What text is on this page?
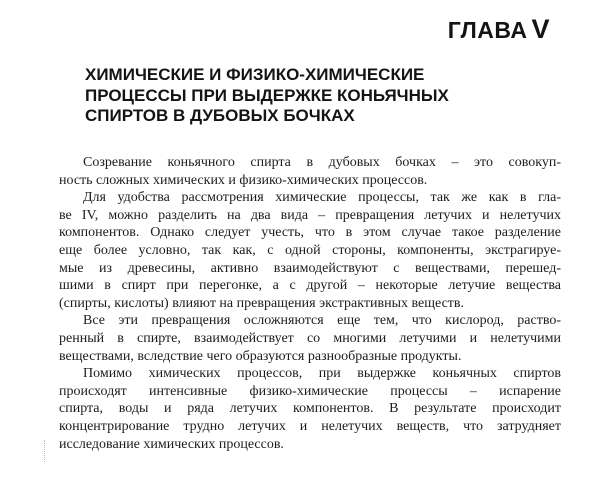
ГЛАВА V
ХИМИЧЕСКИЕ И ФИЗИКО-ХИМИЧЕСКИЕ
ПРОЦЕССЫ ПРИ ВЫДЕРЖКЕ КОНЬЯЧНЫХ
СПИРТОВ В ДУБОВЫХ БОЧКАХ
Созревание коньячного спирта в дубовых бочках – это совокуп-
ность сложных химических и физико-химических процессов.
Для удобства рассмотрения химические процессы, так же как в гла-
ве IV, можно разделить на два вида – превращения летучих и нелетучих
компонентов. Однако следует учесть, что в этом случае такое разделение
еще более условно, так как, с одной стороны, компоненты, экстрагируе-
мые из древесины, активно взаимодействуют с веществами, перешед-
шими в спирт при перегонке, а с другой – некоторые летучие вещества
(спирты, кислоты) влияют на превращения экстрактивных веществ.
Все эти превращения осложняются еще тем, что кислород, раство-
ренный в спирте, взаимодействует со многими летучими и нелетучими
веществами, вследствие чего образуются разнообразные продукты.
Помимо химических процессов, при выдержке коньячных спиртов
происходят интенсивные физико-химические процессы – испарение
спирта, воды и ряда летучих компонентов. В результате происходит
концентрирование трудно летучих и нелетучих веществ, что затрудняет
исследование химических процессов.
